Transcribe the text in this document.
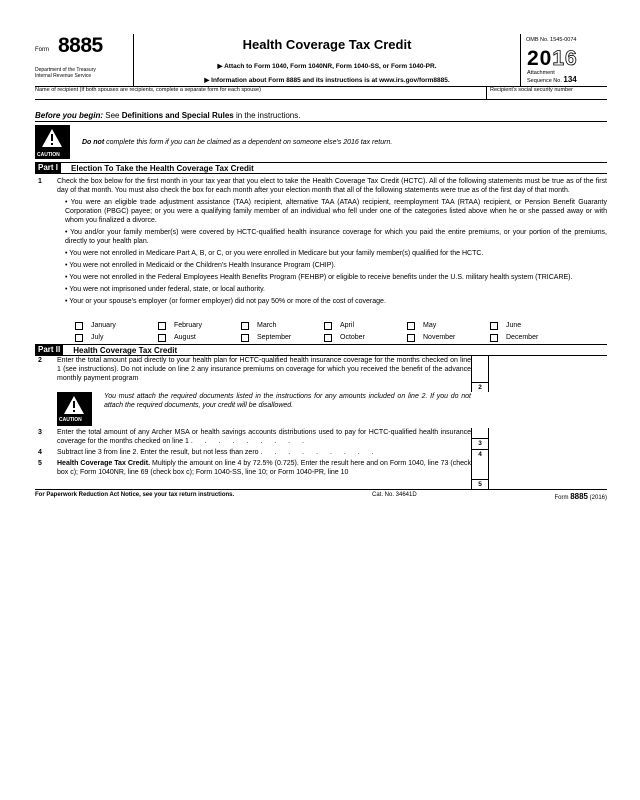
Form 8885
Department of the Treasury
Internal Revenue Service
Health Coverage Tax Credit
▶ Attach to Form 1040, Form 1040NR, Form 1040-SS, or Form 1040-PR.
▶ Information about Form 8885 and its instructions is at www.irs.gov/form8885.
OMB No. 1545-0074
2016
Attachment
Sequence No. 134
Name of recipient (if both spouses are recipients, complete a separate form for each spouse)	Recipient's social security number
Before you begin: See Definitions and Special Rules in the instructions.
CAUTION
Do not complete this form if you can be claimed as a dependent on someone else's 2016 tax return.
Part I	Election To Take the Health Coverage Tax Credit
1	Check the box below for the first month in your tax year that you elect to take the Health Coverage Tax Credit (HCTC). All of the following statements must be true as of the first day of that month. You must also check the box for each month after your election month that all of the following statements were true as of the first day of that month.
• You were an eligible trade adjustment assistance (TAA) recipient, alternative TAA (ATAA) recipient, reemployment TAA (RTAA) recipient, or Pension Benefit Guaranty Corporation (PBGC) payee; or you were a qualifying family member of an individual who fell under one of the categories listed above when he or she passed away or with whom you finalized a divorce.
• You and/or your family member(s) were covered by HCTC-qualified health insurance coverage for which you paid the entire premiums, or your portion of the premiums, directly to your health plan.
• You were not enrolled in Medicare Part A, B, or C, or you were enrolled in Medicare but your family member(s) qualified for the HCTC.
• You were not enrolled in Medicaid or the Children's Health Insurance Program (CHIP).
• You were not enrolled in the Federal Employees Health Benefits Program (FEHBP) or eligible to receive benefits under the U.S. military health system (TRICARE).
• You were not imprisoned under federal, state, or local authority.
• Your or your spouse's employer (or former employer) did not pay 50% or more of the cost of coverage.
January	February	March	April	May	June
July	August	September	October	November	December
Part II	Health Coverage Tax Credit
2	Enter the total amount paid directly to your health plan for HCTC-qualified health insurance coverage for the months checked on line 1 (see instructions). Do not include on line 2 any insurance premiums on coverage for which you received the benefit of the advance monthly payment program
2
CAUTION
You must attach the required documents listed in the instructions for any amounts included on line 2. If you do not attach the required documents, your credit will be disallowed.
3	Enter the total amount of any Archer MSA or health savings accounts distributions used to pay for HCTC-qualified health insurance coverage for the months checked on line 1 . . . . . . . . .	3
4	Subtract line 3 from line 2. Enter the result, but not less than zero . . . . . . . . .	4
5	Health Coverage Tax Credit. Multiply the amount on line 4 by 72.5% (0.725). Enter the result here and on Form 1040, line 73 (check box c); Form 1040NR, line 69 (check box c); Form 1040-SS, line 10; or Form 1040-PR, line 10
5
For Paperwork Reduction Act Notice, see your tax return instructions.	Cat. No. 34641D	Form 8885 (2016)
